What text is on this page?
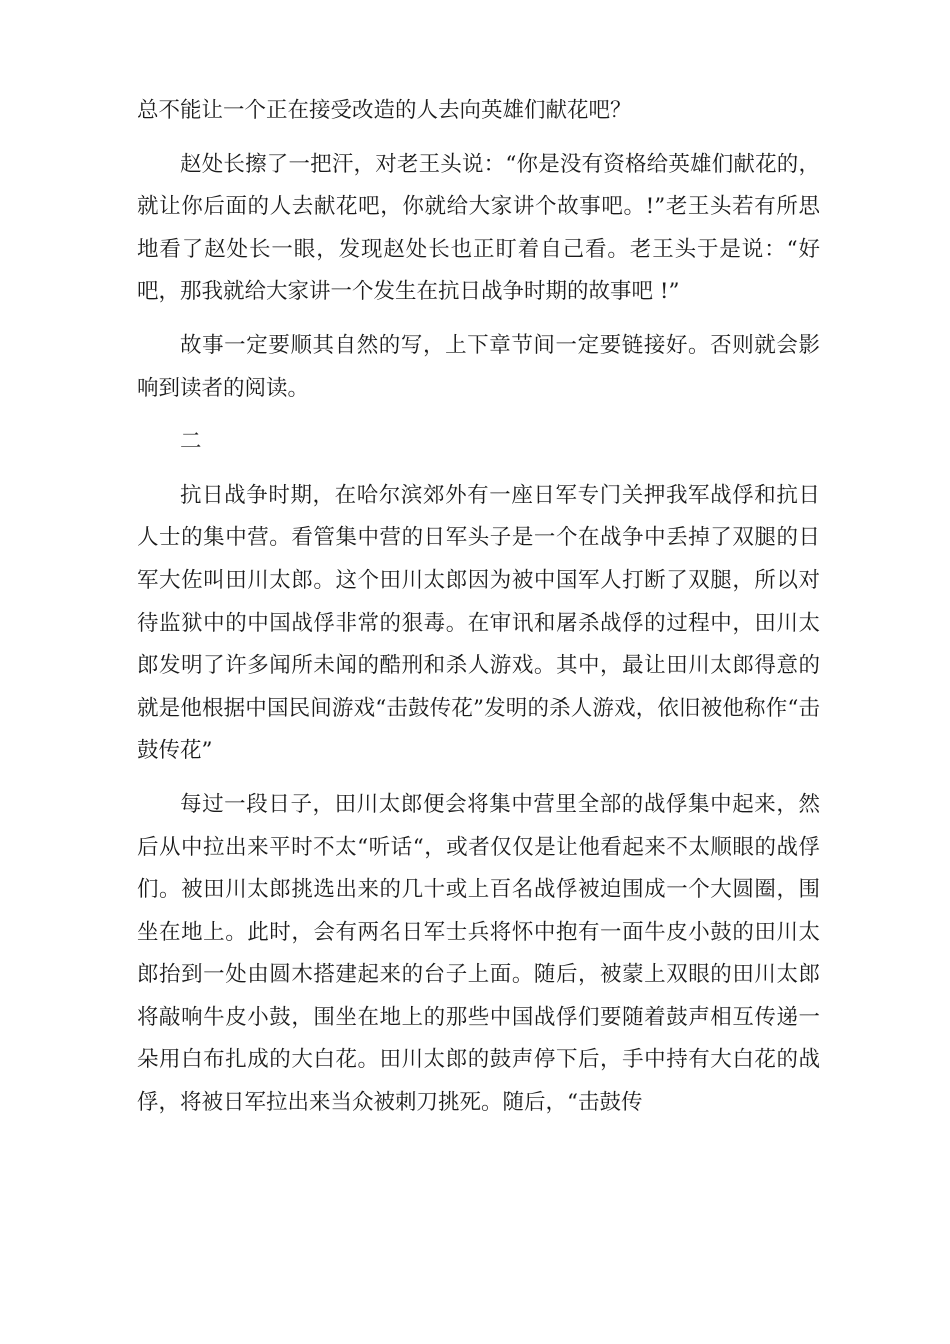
总不能让一个正在接受改造的人去向英雄们献花吧？

赵处长擦了一把汗，对老王头说：“你是没有资格给英雄们献花的，就让你后面的人去献花吧，你就给大家讲个故事吧。!”老王头若有所思地看了赵处长一眼，发现赵处长也正盯着自己看。老王头于是说：“好吧，那我就给大家讲一个发生在抗日战争时期的故事吧 !”

故事一定要顺其自然的写，上下章节间一定要链接好。否则就会影响到读者的阅读。

二

抗日战争时期，在哈尔滨郊外有一座日军专门关押我军战俘和抗日人士的集中营。看管集中营的日军头子是一个在战争中丢掉了双腿的日军大佐叫田川太郎。这个田川太郎因为被中国军人打断了双腿，所以对待监狱中的中国战俘非常的狠毒。在审讯和屠杀战俘的过程中，田川太郎发明了许多闻所未闻的酷刑和杀人游戏。其中，最让田川太郎得意的就是他根据中国民间游戏“击鼓传花”发明的杀人游戏，依旧被他称作“击鼓传花”

每过一段日子，田川太郎便会将集中营里全部的战俘集中起来，然后从中拉出来平时不太“听话“，或者仅仅是让他看起来不太顺眼的战俘们。被田川太郎挑选出来的几十或上百名战俘被迫围成一个大圆圈，围坐在地上。此时，会有两名日军士兵将怀中抱有一面牛皮小鼓的田川太郎抬到一处由圆木搭建起来的台子上面。随后，被蒙上双眼的田川太郎将敲响牛皮小鼓，围坐在地上的那些中国战俘们要随着鼓声相互传递一朵用白布扎成的大白花。田川太郎的鼓声停下后，手中持有大白花的战俘，将被日军拉出来当众被刺刀挑死。随后，“击鼓传
